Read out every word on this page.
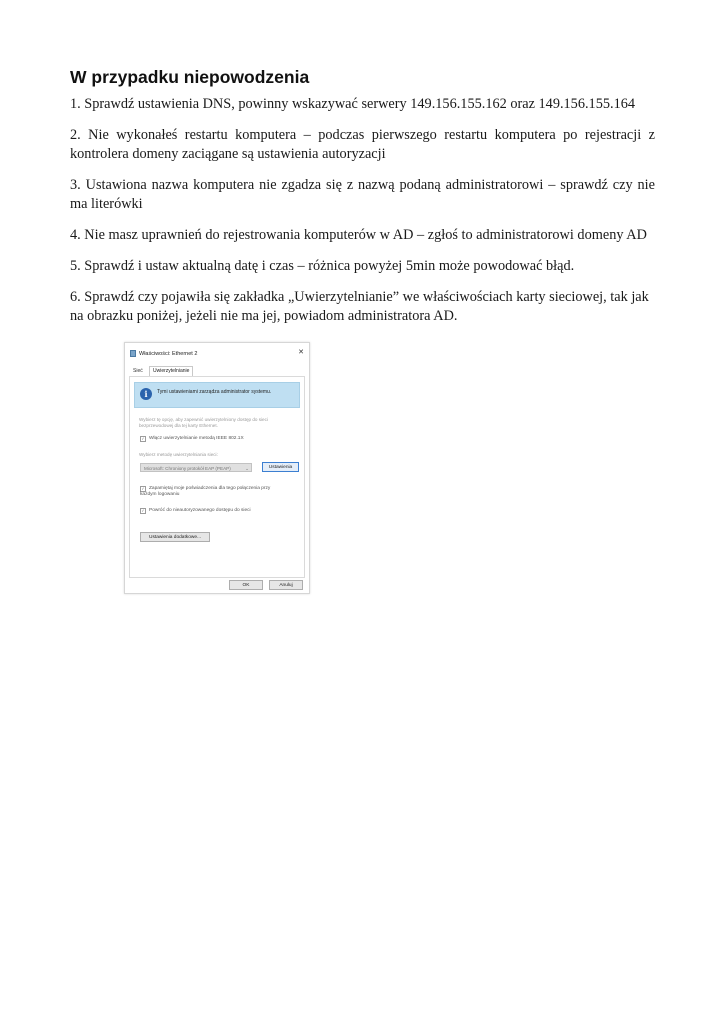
W przypadku niepowodzenia

1. Sprawdź ustawienia DNS, powinny wskazywać serwery 149.156.155.162 oraz 149.156.155.164

2. Nie wykonałeś restartu komputera – podczas pierwszego restartu komputera po rejestracji z kontrolera domeny zaciągane są ustawienia autoryzacji

3. Ustawiona nazwa komputera nie zgadza się z nazwą podaną administratorowi – sprawdź czy nie ma literówki

4. Nie masz uprawnień do rejestrowania komputerów w AD – zgłoś to administratorowi domeny AD

5. Sprawdź i ustaw aktualną datę i czas – różnica powyżej 5min może powodować błąd.

6. Sprawdź czy pojawiła się zakładka „Uwierzytelnianie” we właściwościach karty sieciowej, tak jak na obrazku poniżej, jeżeli nie ma jej, powiadom administratora AD.

Właściwości: Ethernet 2	✕
Sieć	Uwierzytelnianie
i	Tymi ustawieniami zarządza administrator systemu.
Wybierz tę opcję, aby zapewnić uwierzytelniony dostęp do sieci bezprzewodowej dla tej karty Ethernet.
✓ Włącz uwierzytelnianie metodą IEEE 802.1X
Wybierz metodę uwierzytelniania sieci:
Microsoft: Chroniony protokół EAP (PEAP)	⌄	Ustawienia
✓ Zapamiętaj moje poświadczenia dla tego połączenia przy każdym logowaniu
✓ Powróć do nieautoryzowanego dostępu do sieci
Ustawienia dodatkowe...
OK	Anuluj
